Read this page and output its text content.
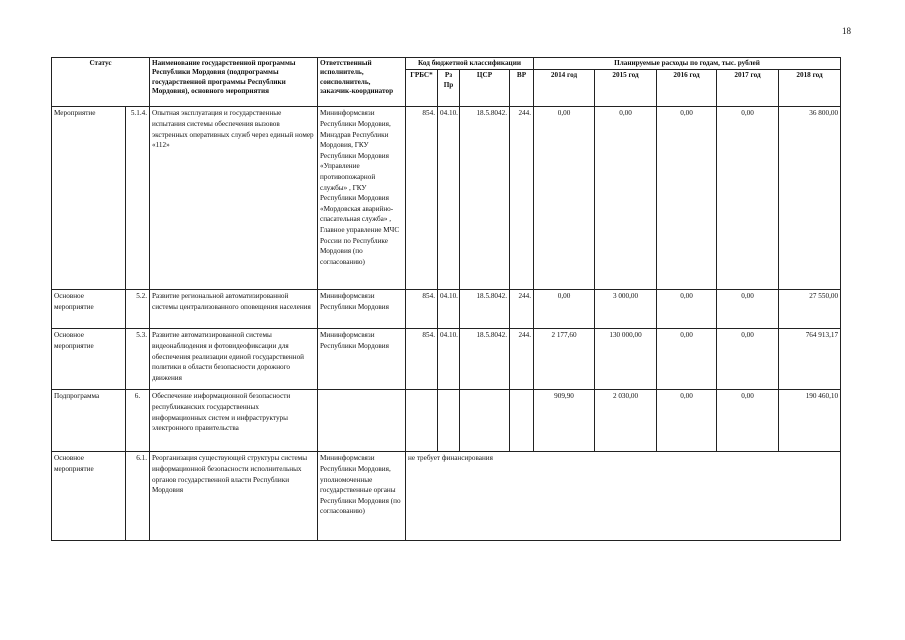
18
Статус		Наименование государственной программы Республики Мордовия (подпрограммы государственной программы Республики Мордовия), основного мероприятия	Ответственный исполнитель, соисполнитель, заказчик-координатор	Код бюджетной классификации				Планируемые расходы по годам, тыс. рублей				
				ГРБС*	Рз Пр	ЦСР	ВР	2014 год	2015 год	2016 год	2017 год	2018 год
Мероприятие	5.1.4.	Опытная эксплуатация и государственные испытания системы обеспечения вызовов экстренных оперативных служб через единый номер «112»	Мининформсвязи Республики Мордовия, Минздрав Республики Мордовия, ГКУ Республики Мордовия «Управление противопожарной службы» , ГКУ Республики Мордовия «Мордовская аварийно-спасательная служба» , Главное управление МЧС России по Республике Мордовия (по согласованию)	854.	04.10.	18.5.8042.	244.	0,00	0,00	0,00	0,00	36 800,00
Основное мероприятие	5.2.	Развитие региональной автоматизированной системы централизованного оповещения населения	Мининформсвязи Республики Мордовия	854.	04.10.	18.5.8042.	244.	0,00	3 000,00	0,00	0,00	27 550,00
Основное мероприятие	5.3.	Развитие автоматизированной системы видеонаблюдения и фотовидеофиксации для обеспечения реализации единой государственной политики в области безопасности дорожного движения	Мининформсвязи Республики Мордовия	854.	04.10.	18.5.8042.	244.	2 177,60	130 000,00	0,00	0,00	764 913,17
Подпрограмма	6.	Обеспечение информационной безопасности республиканских государственных информационных систем и инфраструктуры электронного правительства						909,90	2 030,00	0,00	0,00	190 460,10
Основное мероприятие	6.1.	Реорганизация существующей структуры системы информационной безопасности исполнительных органов государственной власти Республики Мордовия	Мининформсвязи Республики Мордовия, уполномоченные государственные органы Республики Мордовия (по согласованию)	не требует финансирования								
